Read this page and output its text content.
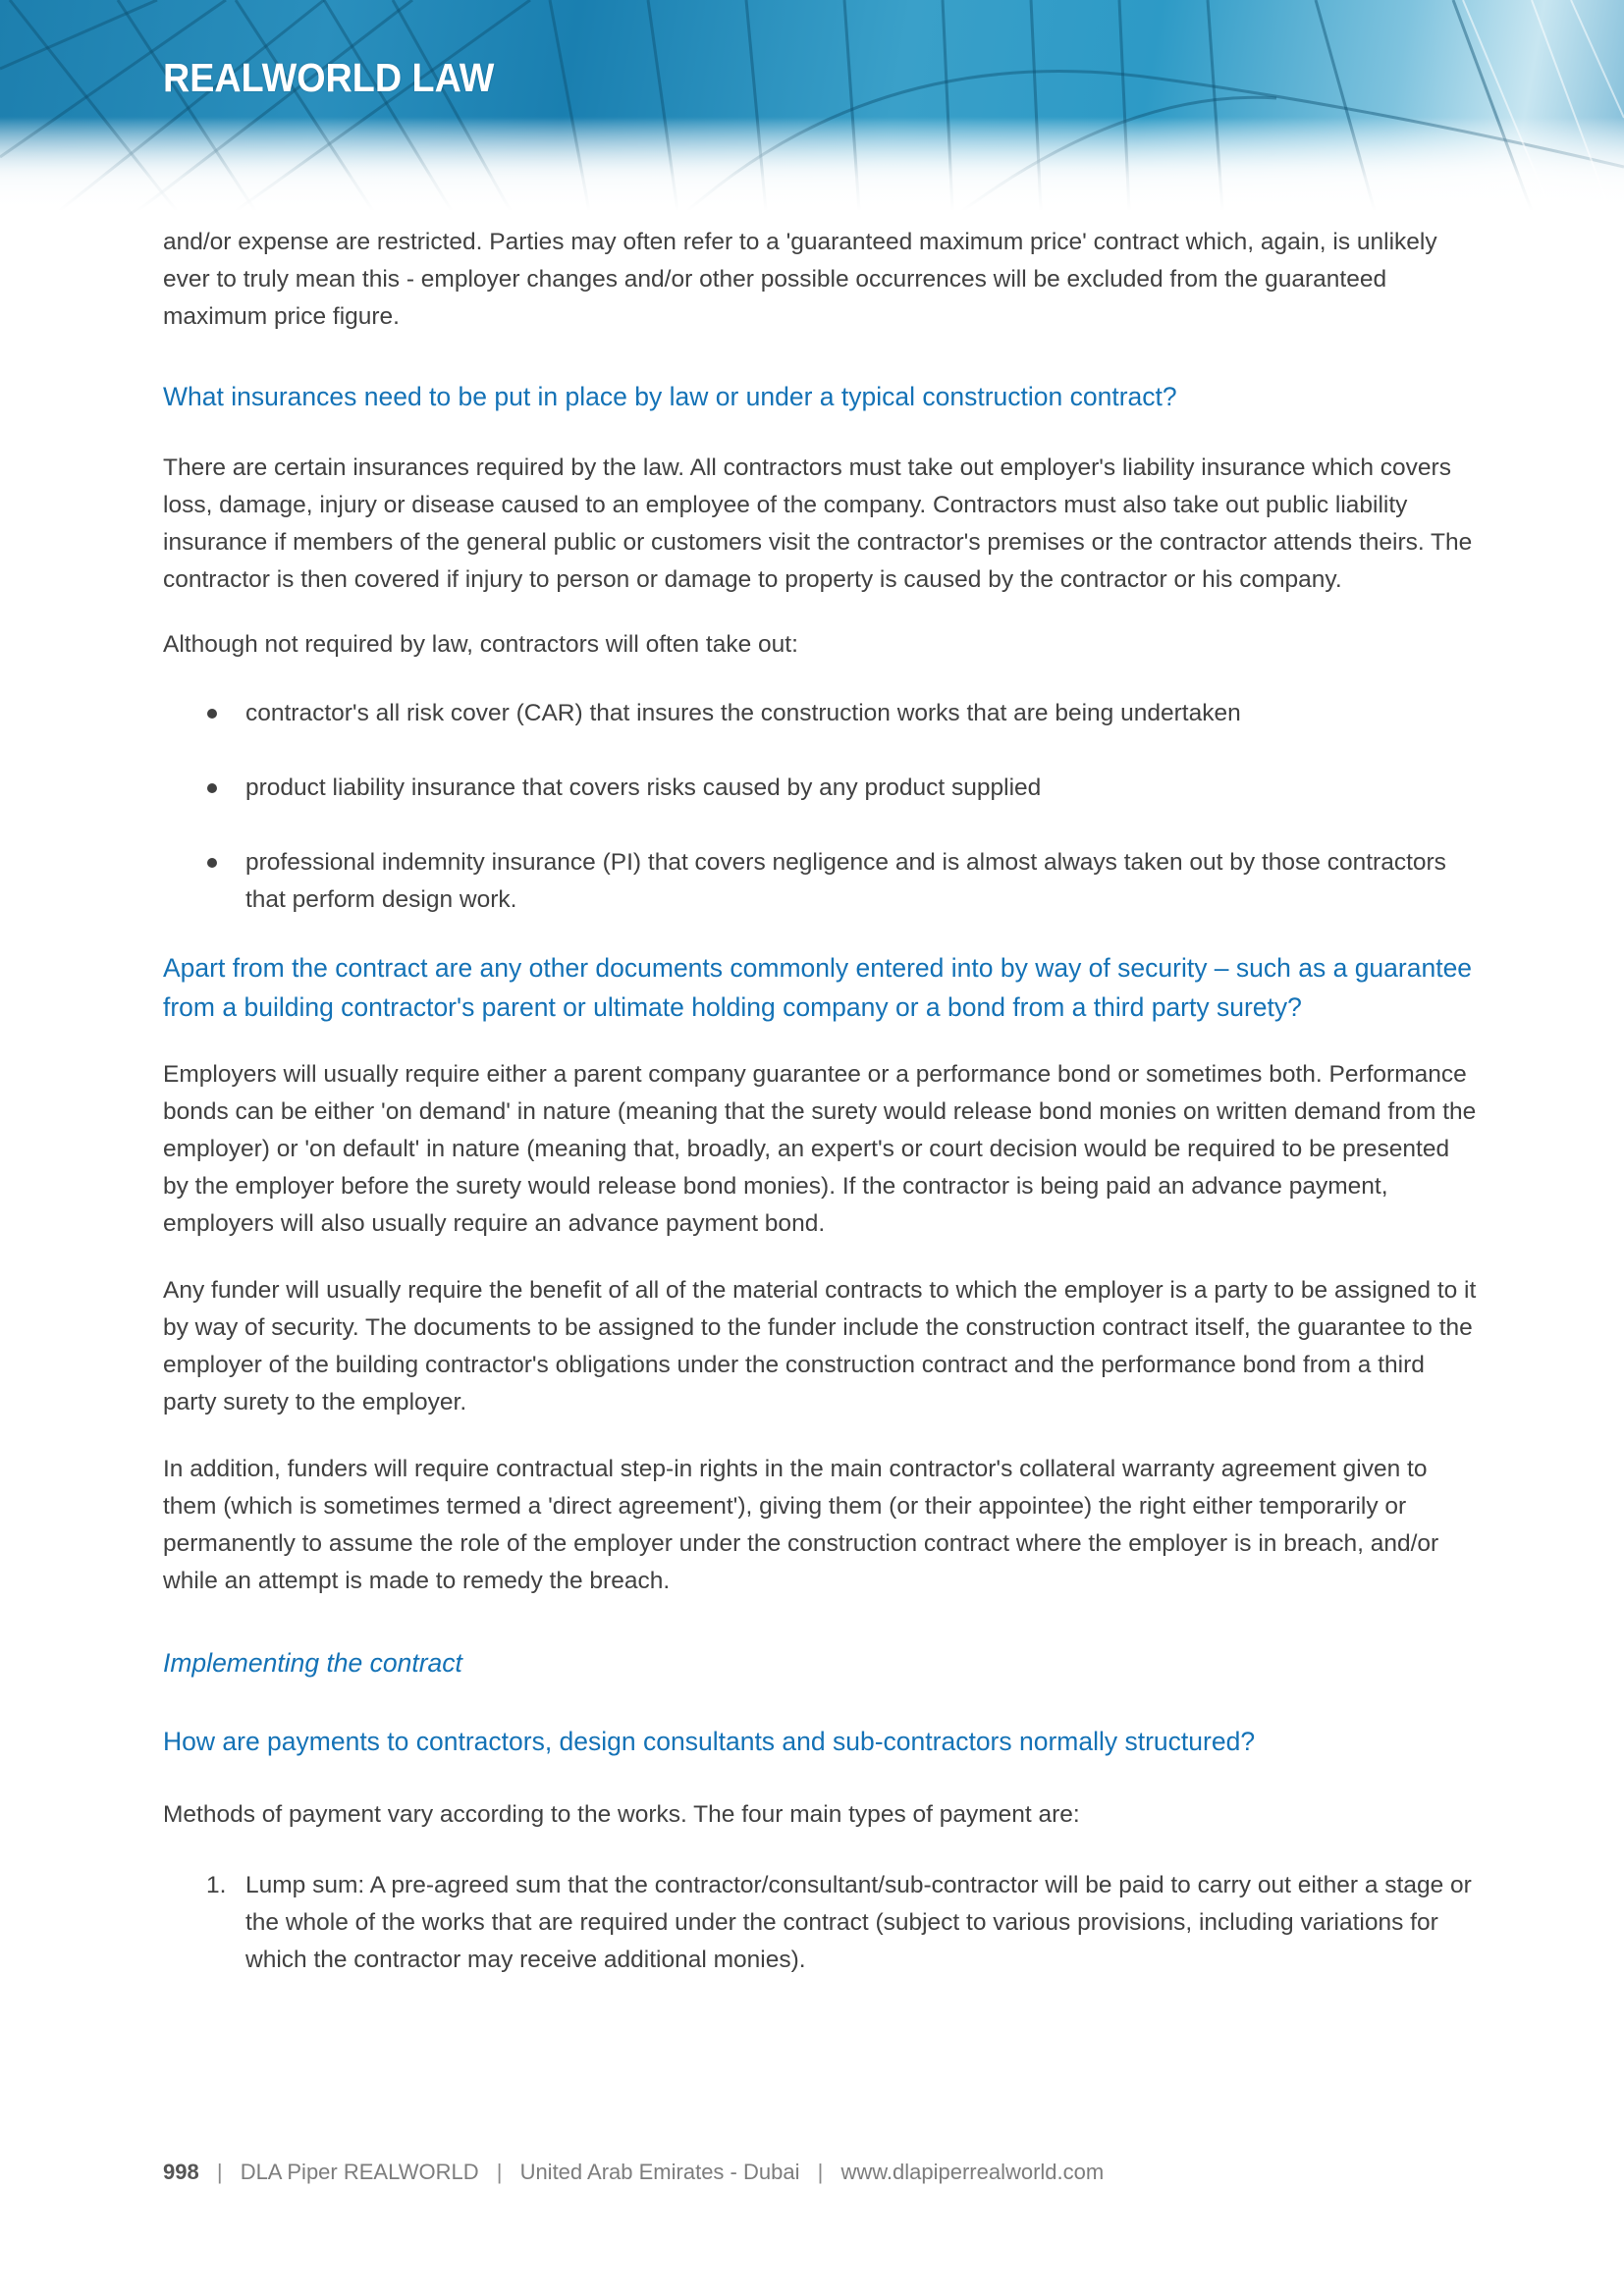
REALWORLD LAW

and/or expense are restricted. Parties may often refer to a 'guaranteed maximum price' contract which, again, is unlikely ever to truly mean this - employer changes and/or other possible occurrences will be excluded from the guaranteed maximum price figure.

What insurances need to be put in place by law or under a typical construction contract?

There are certain insurances required by the law. All contractors must take out employer's liability insurance which covers loss, damage, injury or disease caused to an employee of the company. Contractors must also take out public liability insurance if members of the general public or customers visit the contractor's premises or the contractor attends theirs. The contractor is then covered if injury to person or damage to property is caused by the contractor or his company.

Although not required by law, contractors will often take out:

contractor's all risk cover (CAR) that insures the construction works that are being undertaken
product liability insurance that covers risks caused by any product supplied
professional indemnity insurance (PI) that covers negligence and is almost always taken out by those contractors that perform design work.
Apart from the contract are any other documents commonly entered into by way of security – such as a guarantee from a building contractor's parent or ultimate holding company or a bond from a third party surety?

Employers will usually require either a parent company guarantee or a performance bond or sometimes both. Performance bonds can be either 'on demand' in nature (meaning that the surety would release bond monies on written demand from the employer) or 'on default' in nature (meaning that, broadly, an expert's or court decision would be required to be presented by the employer before the surety would release bond monies). If the contractor is being paid an advance payment, employers will also usually require an advance payment bond.

Any funder will usually require the benefit of all of the material contracts to which the employer is a party to be assigned to it by way of security. The documents to be assigned to the funder include the construction contract itself, the guarantee to the employer of the building contractor's obligations under the construction contract and the performance bond from a third party surety to the employer.

In addition, funders will require contractual step-in rights in the main contractor's collateral warranty agreement given to them (which is sometimes termed a 'direct agreement'), giving them (or their appointee) the right either temporarily or permanently to assume the role of the employer under the construction contract where the employer is in breach, and/or while an attempt is made to remedy the breach.

Implementing the contract
How are payments to contractors, design consultants and sub-contractors normally structured?

Methods of payment vary according to the works. The four main types of payment are:

1. Lump sum: A pre-agreed sum that the contractor/consultant/sub-contractor will be paid to carry out either a stage or the whole of the works that are required under the contract (subject to various provisions, including variations for which the contractor may receive additional monies).
998 | DLA Piper REALWORLD | United Arab Emirates - Dubai | www.dlapiperrealworld.com
